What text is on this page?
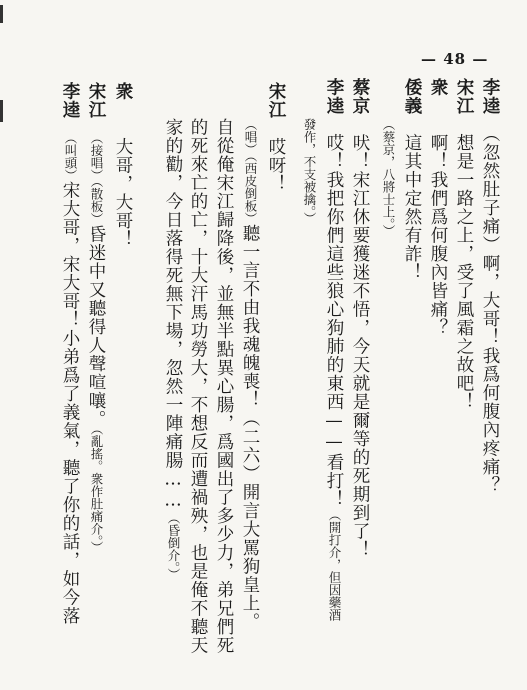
— 48 —
李逵　（忽然肚子痛）啊，大哥！我爲何腹內疼痛？
宋江　想是一路之上，受了風霜之故吧！
衆　　啊！我們爲何腹內皆痛？
倭義　這其中定然有詐！
（蔡京，八將士上。）
蔡京　吠！宋江休要獲迷不悟，今天就是爾等的死期到了！
李逵　哎！我把你們這些狼心狗肺的東西——看打！（開打介，但因藥酒
發作，不支被擒。）
宋江　哎呀！
（唱）（西皮倒板）聽一言不由我魂魄喪！（二六）開言大罵狗皇上。
自從俺宋江歸降後，並無半點異心腸，爲國出了多少力，弟兄們死
的死來亡的亡，十大汗馬功勞大，不想反而遭禍殃，也是俺不聽天
家的勸，今日落得死無下場，忽然一陣痛腸……（昏倒介。）
衆　　大哥，大哥！
宋江　（接唱）（散板）昏迷中又聽得人聲喧嚷。（亂搖。衆作肚痛介。）
李逵　（叫頭）宋大哥，宋大哥！小弟爲了義氣，聽了你的話，如今落
